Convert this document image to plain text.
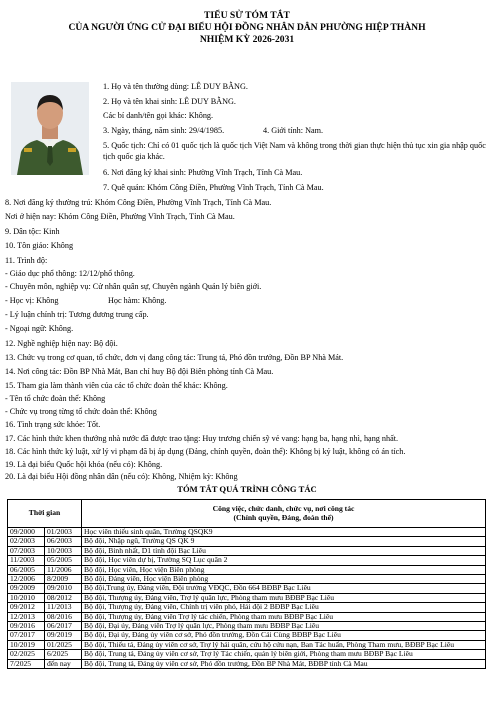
TIỂU SỬ TÓM TẮT
CỦA NGƯỜI ỨNG CỬ ĐẠI BIỂU HỘI ĐỒNG NHÂN DÂN PHƯỜNG HIỆP THÀNH
NHIỆM KỲ 2026-2031
1. Họ và tên thường dùng: LÊ DUY BẰNG.
2. Họ và tên khai sinh: LÊ DUY BẰNG.
Các bí danh/tên gọi khác: Không.
3. Ngày, tháng, năm sinh: 29/4/1985.	4. Giới tính: Nam.
5. Quốc tịch: Chỉ có 01 quốc tịch là quốc tịch Việt Nam và không trong thời gian thực hiện thủ tục xin gia nhập quốc tịch quốc gia khác.
6. Nơi đăng ký khai sinh: Phường Vĩnh Trạch, Tỉnh Cà Mau.
7. Quê quán: Khóm Công Điền, Phường Vĩnh Trạch, Tỉnh Cà Mau.
8. Nơi đăng ký thường trú: Khóm Công Điền, Phường Vĩnh Trạch, Tỉnh Cà Mau.
Nơi ở hiện nay: Khóm Công Điền, Phường Vĩnh Trạch, Tỉnh Cà Mau.
9. Dân tộc: Kinh
10. Tôn giáo: Không
11. Trình độ:
- Giáo dục phổ thông: 12/12/phổ thông.
- Chuyên môn, nghiệp vụ: Cử nhân quân sự, Chuyên ngành Quản lý biên giới.
- Học vị: Không	Học hàm: Không.
- Lý luận chính trị: Tương đương trung cấp.
- Ngoại ngữ: Không.
12. Nghề nghiệp hiện nay: Bộ đội.
13. Chức vụ trong cơ quan, tổ chức, đơn vị đang công tác: Trung tá, Phó đồn trưởng, Đồn BP Nhà Mát.
14. Nơi công tác: Đồn BP Nhà Mát, Ban chỉ huy Bộ đội Biên phòng tỉnh Cà Mau.
15. Tham gia làm thành viên của các tổ chức đoàn thể khác: Không.
- Tên tổ chức đoàn thể: Không
- Chức vụ trong từng tổ chức đoàn thể: Không
16. Tình trạng sức khỏe: Tốt.
17. Các hình thức khen thưởng nhà nước đã được trao tặng: Huy trương chiến sỹ vẻ vang: hạng ba, hạng nhì, hạng nhất.
18. Các hình thức kỷ luật, xử lý vi phạm đã bị áp dụng (Đảng, chính quyền, đoàn thể): Không bị kỷ luật, không có án tích.
19. Là đại biểu Quốc hội khóa (nếu có): Không.
20. Là đại biểu Hội đồng nhân dân (nếu có): Không, Nhiệm kỳ: Không
TÓM TẮT QUÁ TRÌNH CÔNG TÁC
Thời gian		Công việc, chức danh, chức vụ, nơi công tác
(Chính quyền, Đảng, đoàn thể)

09/2000	01/2003	Học viên thiếu sinh quân, Trường QSQK9
02/2003	06/2003	Bộ đội, Nhập ngũ, Trường QS QK 9
07/2003	10/2003	Bộ đội, Binh nhất, D1 tỉnh đội Bạc Liêu
11/2003	05/2005	Bộ đội, Học viên dự bị, Trường SQ Lục quân 2
06/2005	11/2006	Bộ đội, Học viên, Học viện Biên phòng
12/2006	8/2009	Bộ đội, Đảng viên, Học viện Biên phòng
09/2009	09/2010	Bộ đội,Trung úy, Đảng viên, Đội trưởng VĐQC, Đồn 664 BĐBP Bạc Liêu
10/2010	08/2012	Bộ đội, Thượng úy, Đảng viên, Trợ lý quân lực, Phòng tham mưu BĐBP Bạc Liêu
09/2012	11/2013	Bộ đội, Thượng úy, Đảng viên, Chính trị viên phó, Hải đội 2 BĐBP Bạc Liêu
12/2013	08/2016	Bộ đội, Thượng úy, Đảng viên Trợ lý tác chiến, Phòng tham mưu BĐBP Bạc Liêu
09/2016	06/2017	Bộ đội, Đại úy, Đảng viên Trợ lý quân lực, Phòng tham mưu BĐBP Bạc Liêu
07/2017	09/2019	Bộ đội, Đại úy, Đảng ủy viên cơ sở, Phó đồn trưởng, Đồn Cái Cùng BĐBP Bạc Liêu
10/2019	01/2025	Bộ đội, Thiếu tá, Đảng ủy viên cơ sở, Trợ lý hải quân, cứu hộ cứu nạn, Ban Tác huấn, Phòng Tham mưu, BĐBP Bạc Liêu
02/2025	6/2025	Bộ đội, Trung tá, Đảng ủy viên cơ sở, Trợ lý Tác chiến, quản lý biên giới, Phòng tham mưu BĐBP Bạc Liêu
7/2025	đến nay	Bộ đội, Trung tá, Đảng ủy viên cơ sở, Phó đồn trưởng, Đồn BP Nhà Mát, BĐBP tỉnh Cà Mau
